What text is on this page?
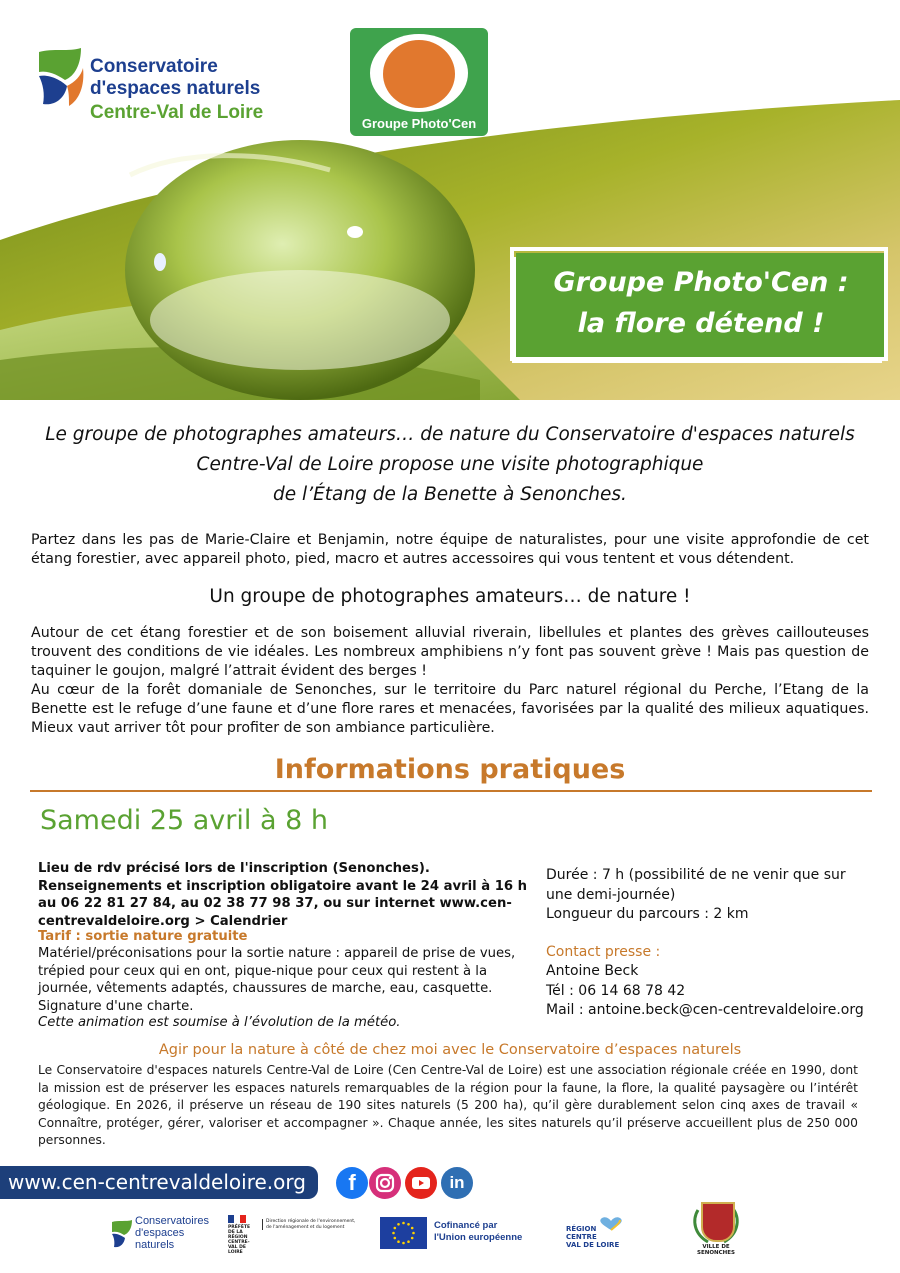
Conservatoire
d'espaces naturels
Centre-Val de Loire
Groupe Photo'Cen
Groupe Photo'Cen :
la flore détend !
Le groupe de photographes amateurs… de nature du Conservatoire d'espaces naturels
Centre-Val de Loire propose une visite photographique
de l’Étang de la Benette à Senonches.
Partez dans les pas de Marie-Claire et Benjamin, notre équipe de naturalistes, pour une visite approfondie de cet étang forestier, avec appareil photo, pied, macro et autres accessoires qui vous tentent et vous détendent.
Un groupe de photographes amateurs… de nature !
Autour de cet étang forestier et de son boisement alluvial riverain, libellules et plantes des grèves caillouteuses trouvent des conditions de vie idéales. Les nombreux amphibiens n’y font pas souvent grève ! Mais pas question de taquiner le goujon, malgré l’attrait évident des berges !
Au cœur de la forêt domaniale de Senonches, sur le territoire du Parc naturel régional du Perche, l’Etang de la Benette est le refuge d’une faune et d’une flore rares et menacées, favorisées par la qualité des milieux aquatiques. Mieux vaut arriver tôt pour profiter de son ambiance particulière.
Informations pratiques
Samedi 25 avril à 8 h
Lieu de rdv précisé lors de l'inscription (Senonches). Renseignements et inscription obligatoire avant le 24 avril à 16 h au 06 22 81 27 84, au 02 38 77 98 37, ou sur internet www.cen-centrevaldeloire.org > Calendrier
Tarif : sortie nature gratuite
Matériel/préconisations pour la sortie nature : appareil de prise de vues, trépied pour ceux qui en ont, pique-nique pour ceux qui restent à la journée, vêtements adaptés, chaussures de marche, eau, casquette. Signature d'une charte.
Cette animation est soumise à l’évolution de la météo.
Durée : 7 h (possibilité de ne venir que sur une demi-journée)
Longueur du parcours : 2 km
Contact presse :
Antoine Beck
Tél : 06 14 68 78 42
Mail : antoine.beck@cen-centrevaldeloire.org
Agir pour la nature à côté de chez moi avec le Conservatoire d’espaces naturels
Le Conservatoire d'espaces naturels Centre-Val de Loire (Cen Centre-Val de Loire) est une association régionale créée en 1990, dont la mission est de préserver les espaces naturels remarquables de la région pour la faune, la flore, la qualité paysagère ou l’intérêt géologique. En 2026, il préserve un réseau de 190 sites naturels (5 200 ha), qu’il gère durablement selon cinq axes de travail « Connaître, protéger, gérer, valoriser et accompagner ». Chaque année, les sites naturels qu’il préserve accueillent plus de 250 000 personnes.
www.cen-centrevaldeloire.org	f	in
Conservatoires
d'espaces
naturels
PRÉFÈTE DE LA RÉGION CENTRE-VAL DE LOIRE
Direction régionale de l'environnement, de l'aménagement et du logement	Cofinancé par
l'Union européenne
RÉGION
CENTRE
VAL DE LOIRE	VILLE DE SENONCHES
